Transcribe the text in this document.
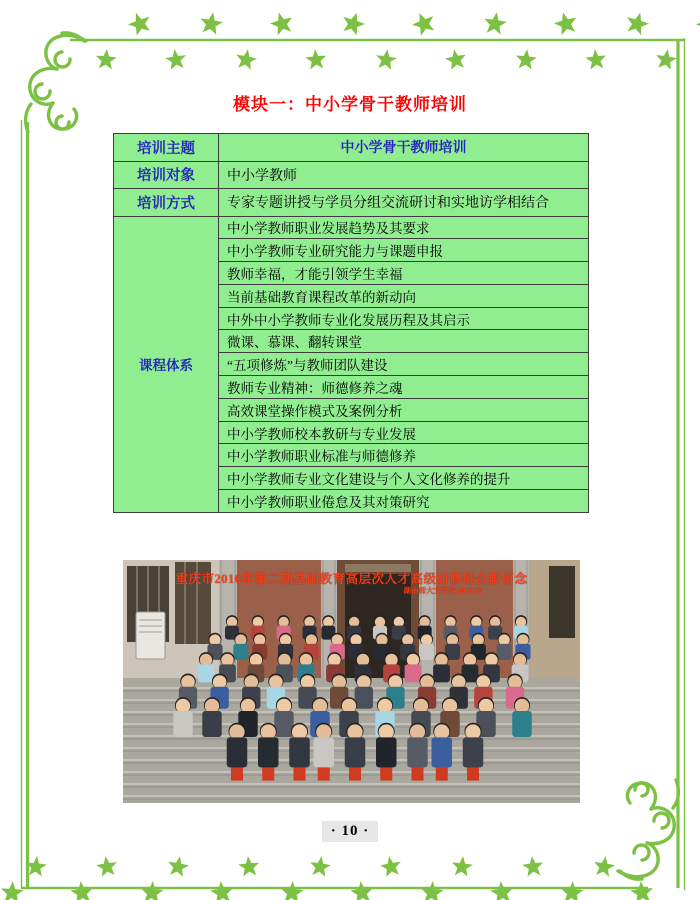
模块一：中小学骨干教师培训
培训主题	中小学骨干教师培训
培训对象	中小学教师
培训方式	专家专题讲授与学员分组交流研讨和实地访学相结合
课程体系	中小学教师职业发展趋势及其要求
	中小学教师专业研究能力与课题申报
	教师幸福，才能引领学生幸福
	当前基础教育课程改革的新动向
	中外中小学教师专业化发展历程及其启示
	微课、慕课、翻转课堂
	“五项修炼”与教师团队建设
	教师专业精神：师德修养之魂
	高效课堂操作模式及案例分析
	中小学教师校本教研与专业发展
	中小学教师职业标准与师德修养
	中小学教师专业文化建设与个人文化修养的提升
	中小学教师职业倦怠及其对策研究
重庆市2016年第二期基础教育高层次人才高级研修班合影留念
湖南师大文学院 2016.12
· 10 ·
